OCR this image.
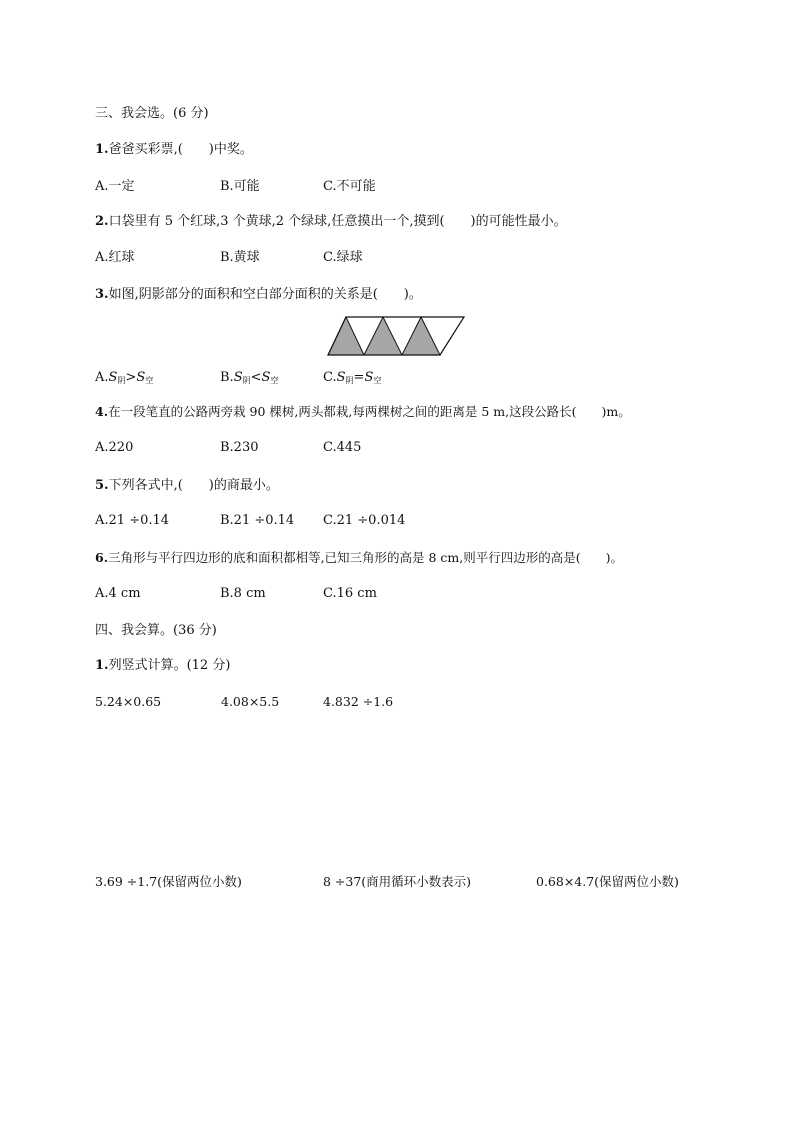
三、我会选。(6 分)
1.爸爸买彩票,(　　)中奖。
A.一定	B.可能	C.不可能
2.口袋里有 5 个红球,3 个黄球,2 个绿球,任意摸出一个,摸到(　　)的可能性最小。
A.红球	B.黄球	C.绿球
3.如图,阴影部分的面积和空白部分面积的关系是(　　)。
$A.S_阴>S_空$	$B.S_阴<S_空$	$C.S_阴=S_空$
4.在一段笔直的公路两旁栽 90 棵树,两头都栽,每两棵树之间的距离是 5 m,这段公路长(　　)m。
A.220	B.230	C.445
5.下列各式中,(　　)的商最小。
A.21 ÷0.14	B.21 ÷0.14 C.21 ÷0.014
6.三角形与平行四边形的底和面积都相等,已知三角形的高是 8 cm,则平行四边形的高是(　　)。
A.4 cm	B.8 cm	C.16 cm
四、我会算。(36 分)
1.列竖式计算。(12 分)
5.24×0.65	4.08×5.5	4.832 ÷1.6
3.69 ÷1.7(保留两位小数)	8 ÷37(商用循环小数表示)	0.68×4.7(保留两位小数)
